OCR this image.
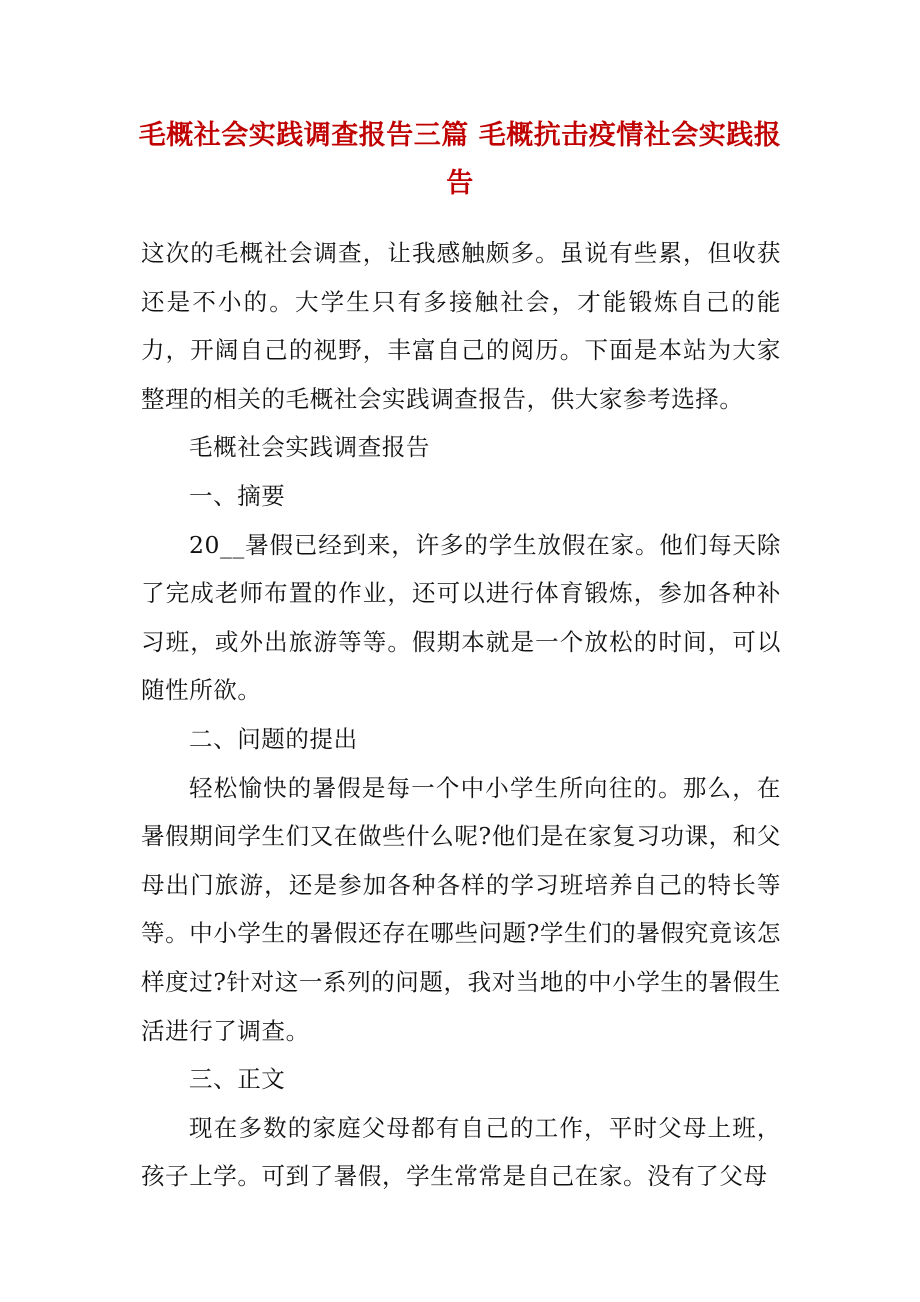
毛概社会实践调查报告三篇 毛概抗击疫情社会实践报告

这次的毛概社会调查，让我感触颇多。虽说有些累，但收获还是不小的。大学生只有多接触社会，才能锻炼自己的能力，开阔自己的视野，丰富自己的阅历。下面是本站为大家整理的相关的毛概社会实践调查报告，供大家参考选择。

毛概社会实践调查报告

一、摘要

20__暑假已经到来，许多的学生放假在家。他们每天除了完成老师布置的作业，还可以进行体育锻炼，参加各种补习班，或外出旅游等等。假期本就是一个放松的时间，可以随性所欲。

二、问题的提出

轻松愉快的暑假是每一个中小学生所向往的。那么，在暑假期间学生们又在做些什么呢?他们是在家复习功课，和父母出门旅游，还是参加各种各样的学习班培养自己的特长等等。中小学生的暑假还存在哪些问题?学生们的暑假究竟该怎样度过?针对这一系列的问题，我对当地的中小学生的暑假生活进行了调查。

三、正文

现在多数的家庭父母都有自己的工作，平时父母上班，孩子上学。可到了暑假，学生常常是自己在家。没有了父母
